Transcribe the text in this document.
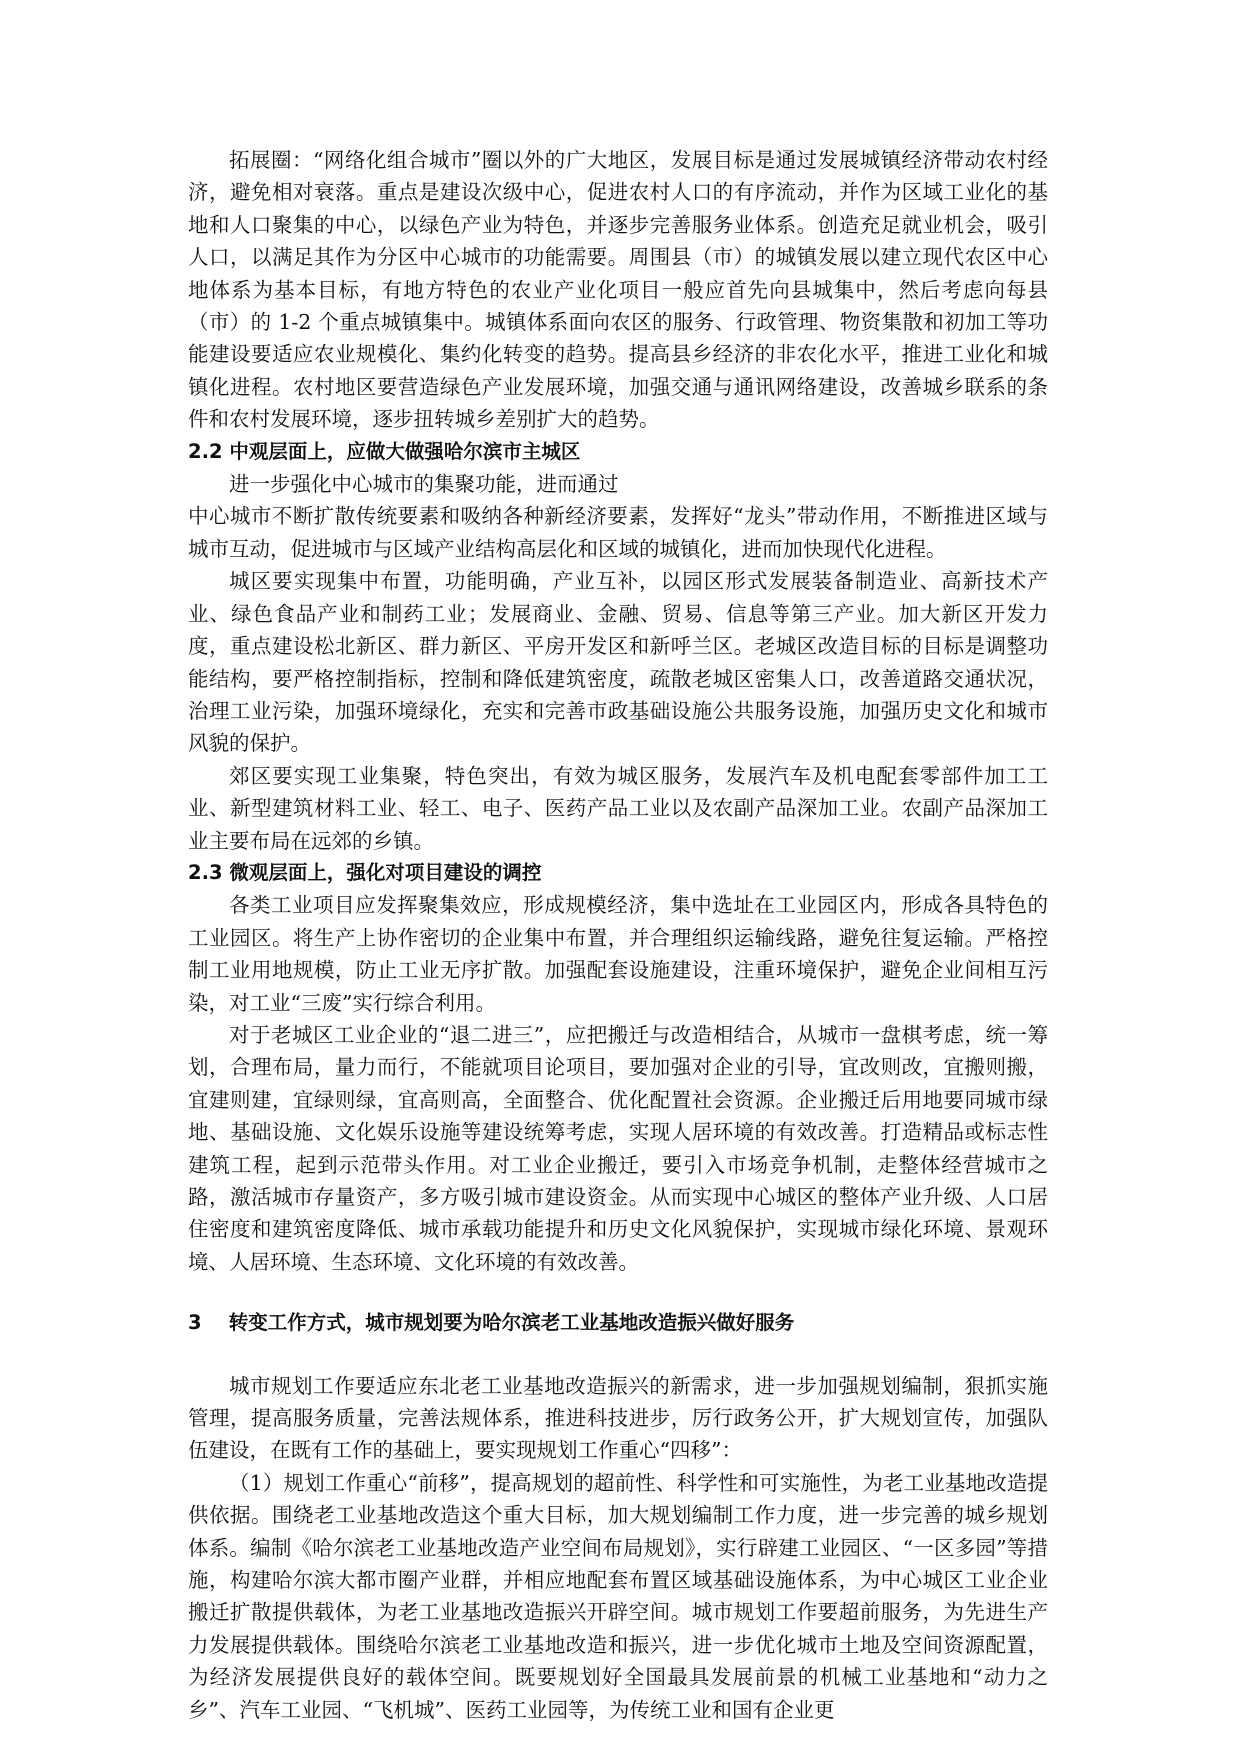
拓展圈：“网络化组合城市”圈以外的广大地区，发展目标是通过发展城镇经济带动农村经济，避免相对衰落。重点是建设次级中心，促进农村人口的有序流动，并作为区域工业化的基地和人口聚集的中心，以绿色产业为特色，并逐步完善服务业体系。创造充足就业机会，吸引人口，以满足其作为分区中心城市的功能需要。周围县（市）的城镇发展以建立现代农区中心地体系为基本目标，有地方特色的农业产业化项目一般应首先向县城集中，然后考虑向每县（市）的 1-2 个重点城镇集中。城镇体系面向农区的服务、行政管理、物资集散和初加工等功能建设要适应农业规模化、集约化转变的趋势。提高县乡经济的非农化水平，推进工业化和城镇化进程。农村地区要营造绿色产业发展环境，加强交通与通讯网络建设，改善城乡联系的条件和农村发展环境，逐步扭转城乡差别扩大的趋势。

2.2 中观层面上，应做大做强哈尔滨市主城区

进一步强化中心城市的集聚功能，进而通过

中心城市不断扩散传统要素和吸纳各种新经济要素，发挥好“龙头”带动作用，不断推进区域与城市互动，促进城市与区域产业结构高层化和区域的城镇化，进而加快现代化进程。

城区要实现集中布置，功能明确，产业互补，以园区形式发展装备制造业、高新技术产业、绿色食品产业和制药工业；发展商业、金融、贸易、信息等第三产业。加大新区开发力度，重点建设松北新区、群力新区、平房开发区和新呼兰区。老城区改造目标的目标是调整功能结构，要严格控制指标，控制和降低建筑密度，疏散老城区密集人口，改善道路交通状况，治理工业污染，加强环境绿化，充实和完善市政基础设施公共服务设施，加强历史文化和城市风貌的保护。

郊区要实现工业集聚，特色突出，有效为城区服务，发展汽车及机电配套零部件加工工业、新型建筑材料工业、轻工、电子、医药产品工业以及农副产品深加工业。农副产品深加工业主要布局在远郊的乡镇。

2.3 微观层面上，强化对项目建设的调控

各类工业项目应发挥聚集效应，形成规模经济，集中选址在工业园区内，形成各具特色的工业园区。将生产上协作密切的企业集中布置，并合理组织运输线路，避免往复运输。严格控制工业用地规模，防止工业无序扩散。加强配套设施建设，注重环境保护，避免企业间相互污染，对工业“三废”实行综合利用。

对于老城区工业企业的“退二进三”，应把搬迁与改造相结合，从城市一盘棋考虑，统一筹划，合理布局，量力而行，不能就项目论项目，要加强对企业的引导，宜改则改，宜搬则搬，宜建则建，宜绿则绿，宜高则高，全面整合、优化配置社会资源。企业搬迁后用地要同城市绿地、基础设施、文化娱乐设施等建设统筹考虑，实现人居环境的有效改善。打造精品或标志性建筑工程，起到示范带头作用。对工业企业搬迁，要引入市场竞争机制，走整体经营城市之路，激活城市存量资产，多方吸引城市建设资金。从而实现中心城区的整体产业升级、人口居住密度和建筑密度降低、城市承载功能提升和历史文化风貌保护，实现城市绿化环境、景观环境、人居环境、生态环境、文化环境的有效改善。

3    转变工作方式，城市规划要为哈尔滨老工业基地改造振兴做好服务

城市规划工作要适应东北老工业基地改造振兴的新需求，进一步加强规划编制，狠抓实施管理，提高服务质量，完善法规体系，推进科技进步，厉行政务公开，扩大规划宣传，加强队伍建设，在既有工作的基础上，要实现规划工作重心“四移”：

（1）规划工作重心“前移”，提高规划的超前性、科学性和可实施性，为老工业基地改造提供依据。围绕老工业基地改造这个重大目标，加大规划编制工作力度，进一步完善的城乡规划体系。编制《哈尔滨老工业基地改造产业空间布局规划》，实行辟建工业园区、“一区多园”等措施，构建哈尔滨大都市圈产业群，并相应地配套布置区域基础设施体系，为中心城区工业企业搬迁扩散提供载体，为老工业基地改造振兴开辟空间。城市规划工作要超前服务，为先进生产力发展提供载体。围绕哈尔滨老工业基地改造和振兴，进一步优化城市土地及空间资源配置，为经济发展提供良好的载体空间。既要规划好全国最具发展前景的机械工业基地和“动力之乡”、汽车工业园、“飞机城”、医药工业园等，为传统工业和国有企业更
